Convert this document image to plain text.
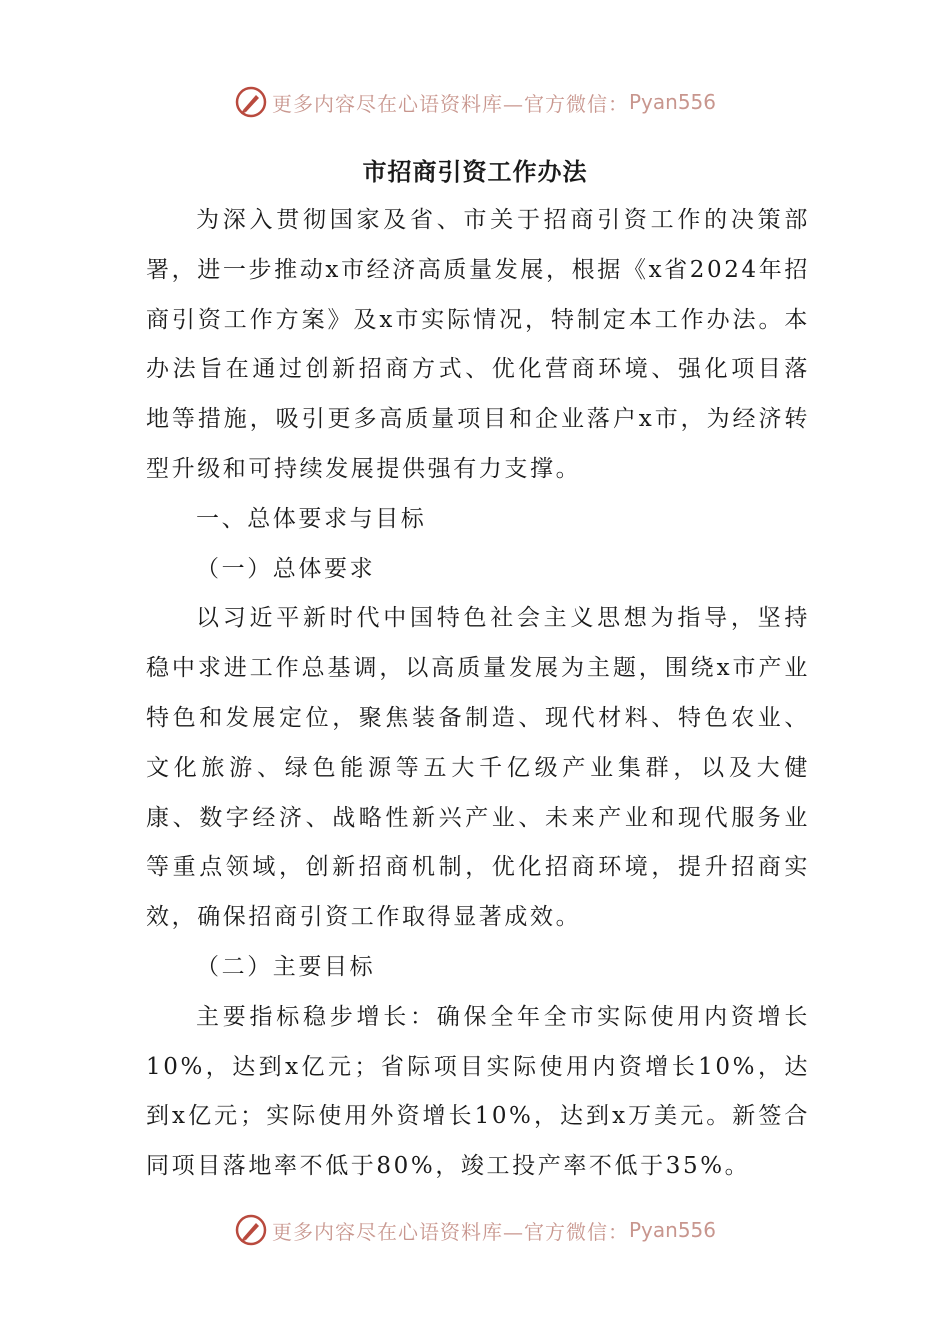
更多内容尽在心语资料库—官方微信： Pyan556
市招商引资工作办法

为深入贯彻国家及省、市关于招商引资工作的决策部署，进一步推动x市经济高质量发展，根据《x省2024年招商引资工作方案》及x市实际情况，特制定本工作办法。本办法旨在通过创新招商方式、优化营商环境、强化项目落地等措施，吸引更多高质量项目和企业落户x市，为经济转型升级和可持续发展提供强有力支撑。

一、总体要求与目标

（一）总体要求

以习近平新时代中国特色社会主义思想为指导，坚持稳中求进工作总基调，以高质量发展为主题，围绕x市产业特色和发展定位，聚焦装备制造、现代材料、特色农业、文化旅游、绿色能源等五大千亿级产业集群，以及大健康、数字经济、战略性新兴产业、未来产业和现代服务业等重点领域，创新招商机制，优化招商环境，提升招商实效，确保招商引资工作取得显著成效。

（二）主要目标

主要指标稳步增长：确保全年全市实际使用内资增长10%，达到x亿元；省际项目实际使用内资增长10%，达到x亿元；实际使用外资增长10%，达到x万美元。新签合同项目落地率不低于80%，竣工投产率不低于35%。

更多内容尽在心语资料库—官方微信： Pyan556
